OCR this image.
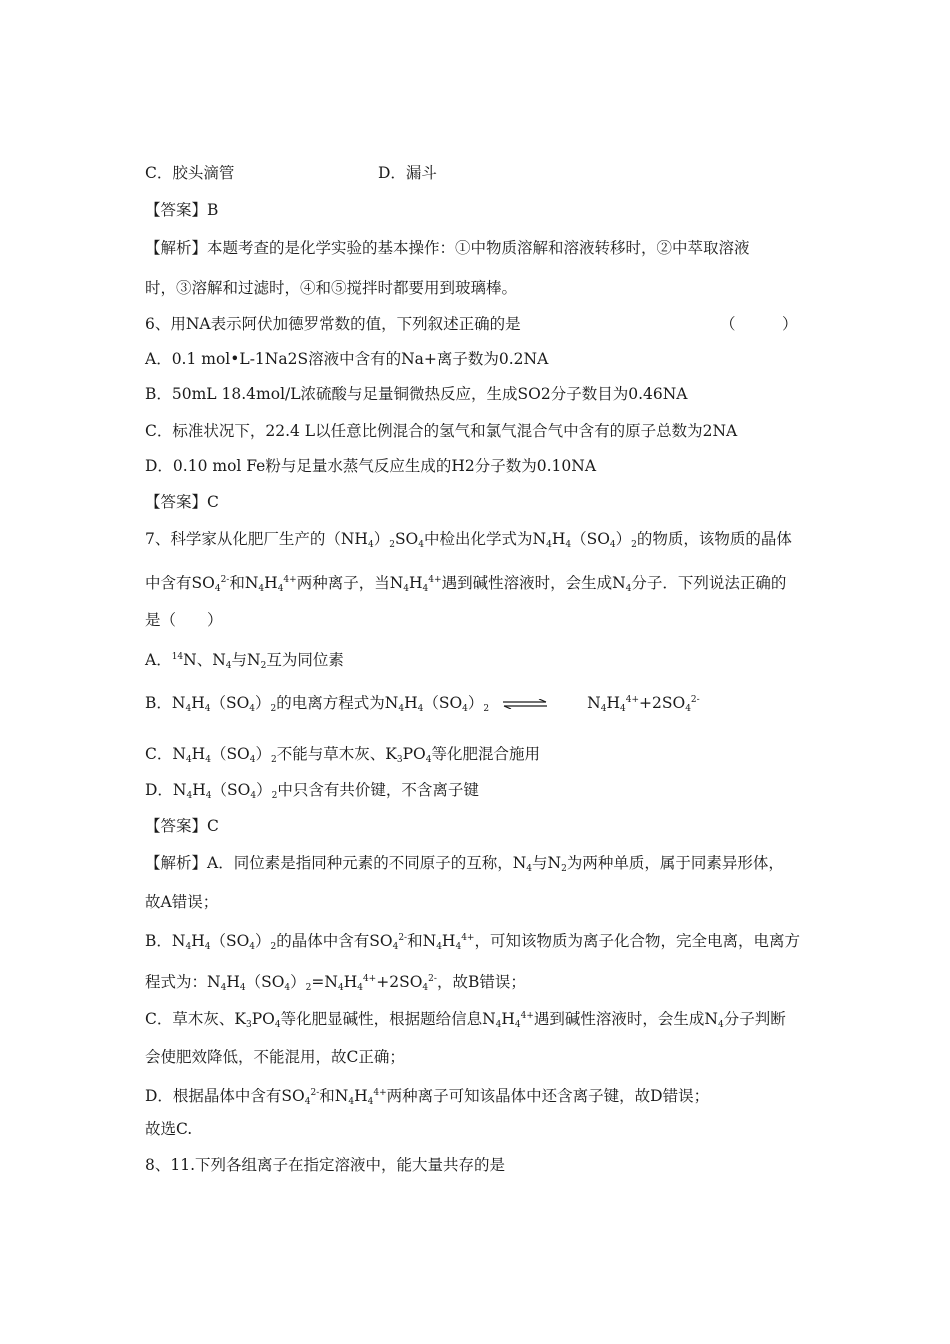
C．胶头滴管	D．漏斗
【答案】B
【解析】本题考查的是化学实验的基本操作：①中物质溶解和溶液转移时，②中萃取溶液
时，③溶解和过滤时，④和⑤搅拌时都要用到玻璃棒。
6、用NA表示阿伏加德罗常数的值，下列叙述正确的是	（　　　）
A．0.1 mol•L-1Na2S溶液中含有的Na+离子数为0.2NA
B．50mL 18.4mol/L浓硫酸与足量铜微热反应，生成SO2分子数目为0.46NA
C．标准状况下，22.4 L以任意比例混合的氢气和氯气混合气中含有的原子总数为2NA
D．0.10 mol Fe粉与足量水蒸气反应生成的H2分子数为0.10NA
【答案】C
7、科学家从化肥厂生产的$(NH_4)_2SO_4$中检出化学式为$N_4H_4(SO_4)_2$的物质，该物质的晶体
中含有$SO_4^{2-}$和$N_4H_4^{4+}$两种离子，当$N_4H_4^{4+}$遇到碱性溶液时，会生成$N_4$分子．下列说法正确的
是（　　）
A．$^{14}$N、$N_4$与$N_2$互为同位素
B．$N_4H_4(SO_4)_2$的电离方程式为$N_4H_4(SO_4)_2$ ⇌	$N_4H_4^{4+}+2SO_4^{2-}$
C．$N_4H_4(SO_4)_2$不能与草木灰、$K_3PO_4$等化肥混合施用
D．$N_4H_4(SO_4)_2$中只含有共价键，不含离子键
【答案】C
【解析】A．同位素是指同种元素的不同原子的互称，$N_4$与$N_2$为两种单质，属于同素异形体，
故A错误；
B．$N_4H_4(SO_4)_2$的晶体中含有$SO_4^{2-}$和$N_4H_4^{4+}$，可知该物质为离子化合物，完全电离，电离方
程式为：$N_4H_4(SO_4)_2=N_4H_4^{4+}+2SO_4^{2-}$，故B错误；
C．草木灰、$K_3PO_4$等化肥显碱性，根据题给信息$N_4H_4^{4+}$遇到碱性溶液时，会生成$N_4$分子判断
会使肥效降低，不能混用，故C正确；
D．根据晶体中含有$SO_4^{2-}$和$N_4H_4^{4+}$两种离子可知该晶体中还含离子键，故D错误；
故选C.
8、11.下列各组离子在指定溶液中，能大量共存的是
